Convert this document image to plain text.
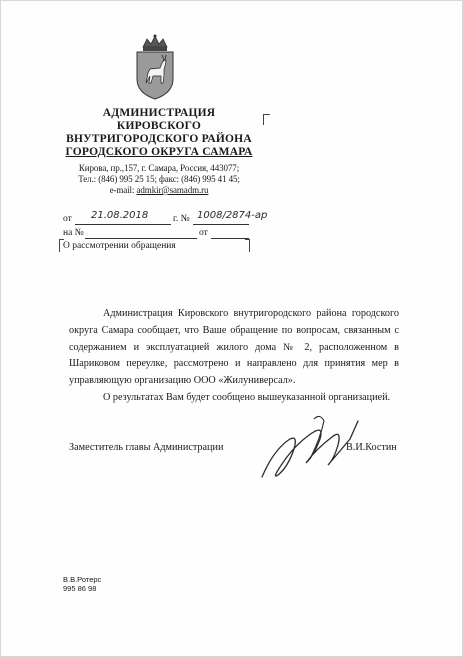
АДМИНИСТРАЦИЯ
КИРОВСКОГО
ВНУТРИГОРОДСКОГО РАЙОНА
ГОРОДСКОГО ОКРУГА САМАРА
Кирова, пр.,157, г. Самара, Россия, 443077;
Тел.: (846) 995 25 15; факс: (846) 995 41 45;
e-mail: admkir@samadm.ru
от 21.08.2018	г. № 1008/2874-ар
на №	от
О рассмотрении обращения

Администрация Кировского внутригородского района городского округа Самара сообщает, что Ваше обращение по вопросам, связанным с содержанием и эксплуатацией жилого дома № 2, расположенном в Шариковом переулке, рассмотрено и направлено для принятия мер в управляющую организацию ООО «Жилуниверсал».

О результатах Вам будет сообщено вышеуказанной организацией.

Заместитель главы Администрации	В.И.Костин
В.В.Ротерс
995 86 98
